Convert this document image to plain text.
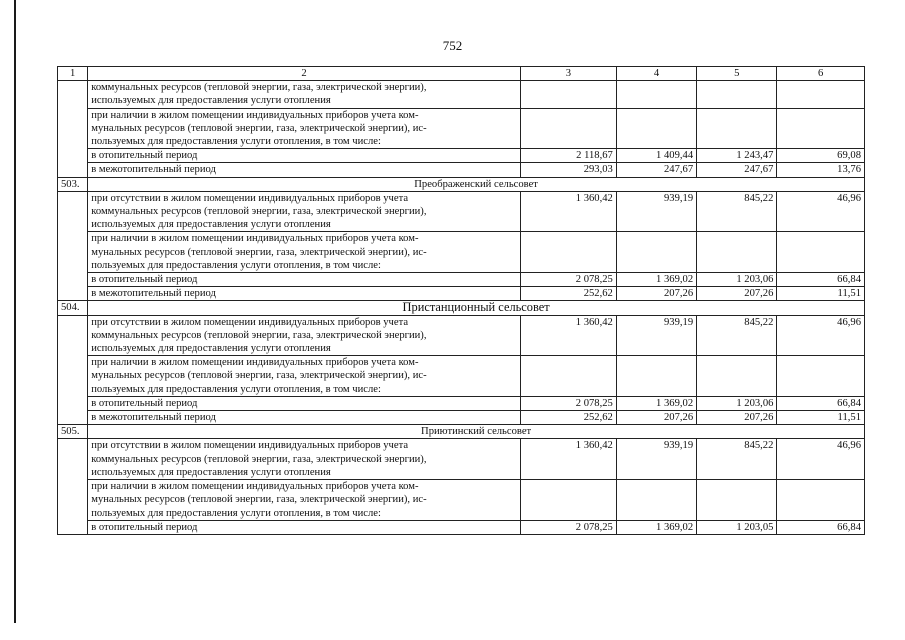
752
1	2	3	4	5	6

	коммунальных ресурсов (тепловой энергии, газа, электрической энергии),
используемых для предоставления услуги отопления				

	при наличии в жилом помещении индивидуальных приборов учета ком-
мунальных ресурсов (тепловой энергии, газа, электрической энергии), ис-
пользуемых для предоставления услуги отопления, в том числе:				

	в отопительный период	2 118,67	1 409,44	1 243,47	69,08
	в межотопительный период	293,03	247,67	247,67	13,76
503.	Преображенский сельсовет				

	при отсутствии в жилом помещении индивидуальных приборов учета
коммунальных ресурсов (тепловой энергии, газа, электрической энергии),
используемых для предоставления услуги отопления	1 360,42	939,19	845,22	46,96

	при наличии в жилом помещении индивидуальных приборов учета ком-
мунальных ресурсов (тепловой энергии, газа, электрической энергии), ис-
пользуемых для предоставления услуги отопления, в том числе:				

	в отопительный период	2 078,25	1 369,02	1 203,06	66,84
	в межотопительный период	252,62	207,26	207,26	11,51
504.	Пристанционный сельсовет				

	при отсутствии в жилом помещении индивидуальных приборов учета
коммунальных ресурсов (тепловой энергии, газа, электрической энергии),
используемых для предоставления услуги отопления	1 360,42	939,19	845,22	46,96

	при наличии в жилом помещении индивидуальных приборов учета ком-
мунальных ресурсов (тепловой энергии, газа, электрической энергии), ис-
пользуемых для предоставления услуги отопления, в том числе:				

	в отопительный период	2 078,25	1 369,02	1 203,06	66,84
	в межотопительный период	252,62	207,26	207,26	11,51
505.	Приютинский сельсовет				

	при отсутствии в жилом помещении индивидуальных приборов учета
коммунальных ресурсов (тепловой энергии, газа, электрической энергии),
используемых для предоставления услуги отопления	1 360,42	939,19	845,22	46,96

	при наличии в жилом помещении индивидуальных приборов учета ком-
мунальных ресурсов (тепловой энергии, газа, электрической энергии), ис-
пользуемых для предоставления услуги отопления, в том числе:				

	в отопительный период	2 078,25	1 369,02	1 203,05	66,84
